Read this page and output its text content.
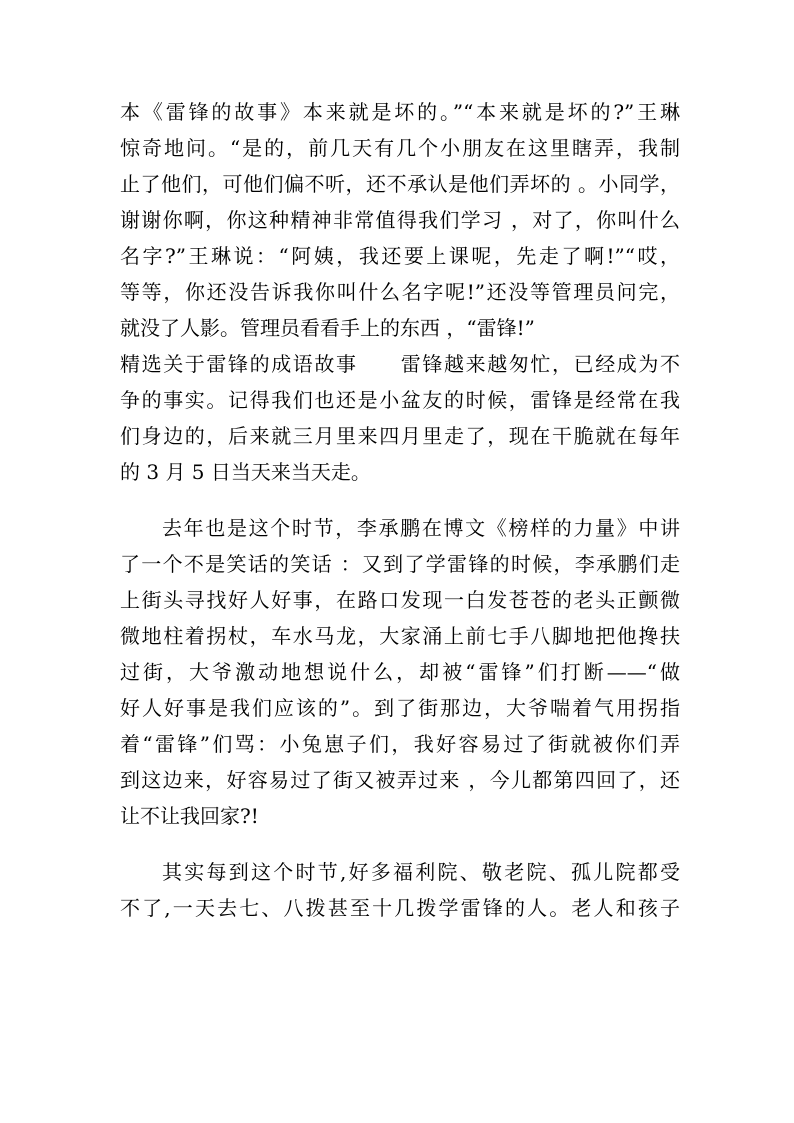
本《雷锋的故事》本来就是坏的。”“本来就是坏的?”王琳
惊奇地问。“是的，前几天有几个小朋友在这里瞎弄，我制
止了他们，可他们偏不听，还不承认是他们弄坏的 。小同学，
谢谢你啊，你这种精神非常值得我们学习 ，对了，你叫什么
名字?”王琳说：“阿姨，我还要上课呢，先走了啊!”“哎，
等等，你还没告诉我你叫什么名字呢!”还没等管理员问完，
就没了人影。管理员看看手上的东西 ，“雷锋!”
精选关于雷锋的成语故事　　雷锋越来越匆忙，已经成为不
争的事实。记得我们也还是小盆友的时候，雷锋是经常在我
们身边的，后来就三月里来四月里走了，现在干脆就在每年
的 3 月 5 日当天来当天走。
去年也是这个时节，李承鹏在博文《榜样的力量》中讲
了一个不是笑话的笑话 ：又到了学雷锋的时候，李承鹏们走
上街头寻找好人好事，在路口发现一白发苍苍的老头正颤微
微地柱着拐杖，车水马龙，大家涌上前七手八脚地把他搀扶
过街，大爷激动地想说什么，却被“雷锋”们打断——“做
好人好事是我们应该的”。到了街那边，大爷喘着气用拐指
着“雷锋”们骂：小兔崽子们，我好容易过了街就被你们弄
到这边来，好容易过了街又被弄过来 ，今儿都第四回了，还
让不让我回家?!
其实每到这个时节,好多福利院、敬老院、孤儿院都受
不了,一天去七、八拨甚至十几拨学雷锋的人。老人和孩子
